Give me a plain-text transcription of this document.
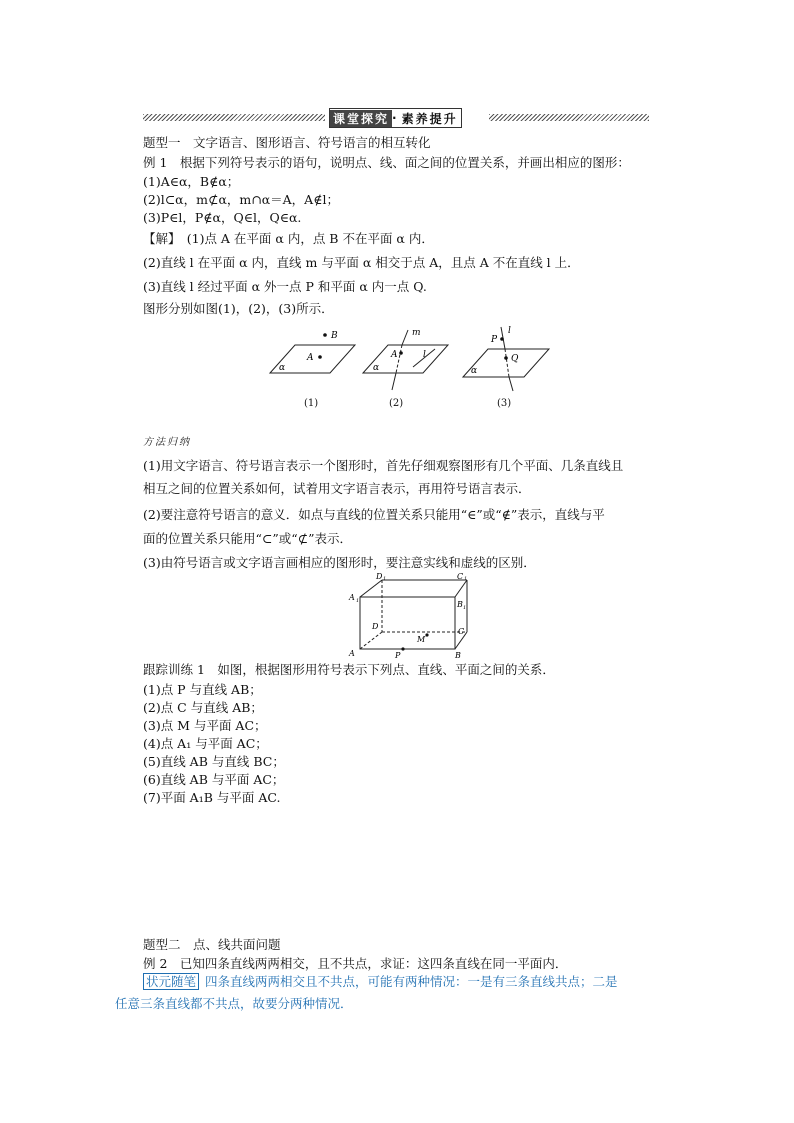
课堂探究 · 素养提升
题型一　文字语言、图形语言、符号语言的相互转化
例 1　根据下列符号表示的语句，说明点、线、面之间的位置关系，并画出相应的图形：
(1)A∈α，B∉α；
(2)l⊂α，m⊄α，m∩α＝A，A∉l；
(3)P∈l，P∉α，Q∈l，Q∈α.
【解】　(1)点 A 在平面 α 内，点 B 不在平面 α 内．
(2)直线 l 在平面 α 内，直线 m 与平面 α 相交于点 A，且点 A 不在直线 l 上．
(3)直线 l 经过平面 α 外一点 P 和平面 α 内一点 Q.
图形分别如图(1)，(2)，(3)所示．
A
B
α
A
m
l
α
P
l
Q
α
(1)	(2)	(3)
方法归纳
(1)用文字语言、符号语言表示一个图形时，首先仔细观察图形有几个平面、几条直线且
相互之间的位置关系如何，试着用文字语言表示，再用符号语言表示．
(2)要注意符号语言的意义．如点与直线的位置关系只能用“∈”或“∉”表示，直线与平
面的位置关系只能用“⊂”或“⊄”表示．
(3)由符号语言或文字语言画相应的图形时，要注意实线和虚线的区别．
D 1	C 1
A 1	B 1
D
C
A
M
P	B
跟踪训练 1　如图，根据图形用符号表示下列点、直线、平面之间的关系．
(1)点 P 与直线 AB；
(2)点 C 与直线 AB；
(3)点 M 与平面 AC；
(4)点 A₁ 与平面 AC；
(5)直线 AB 与直线 BC；
(6)直线 AB 与平面 AC；
(7)平面 A₁B 与平面 AC.
题型二　点、线共面问题
例 2　已知四条直线两两相交，且不共点，求证：这四条直线在同一平面内．
状元随笔 四条直线两两相交且不共点，可能有两种情况：一是有三条直线共点；二是
任意三条直线都不共点，故要分两种情况．
